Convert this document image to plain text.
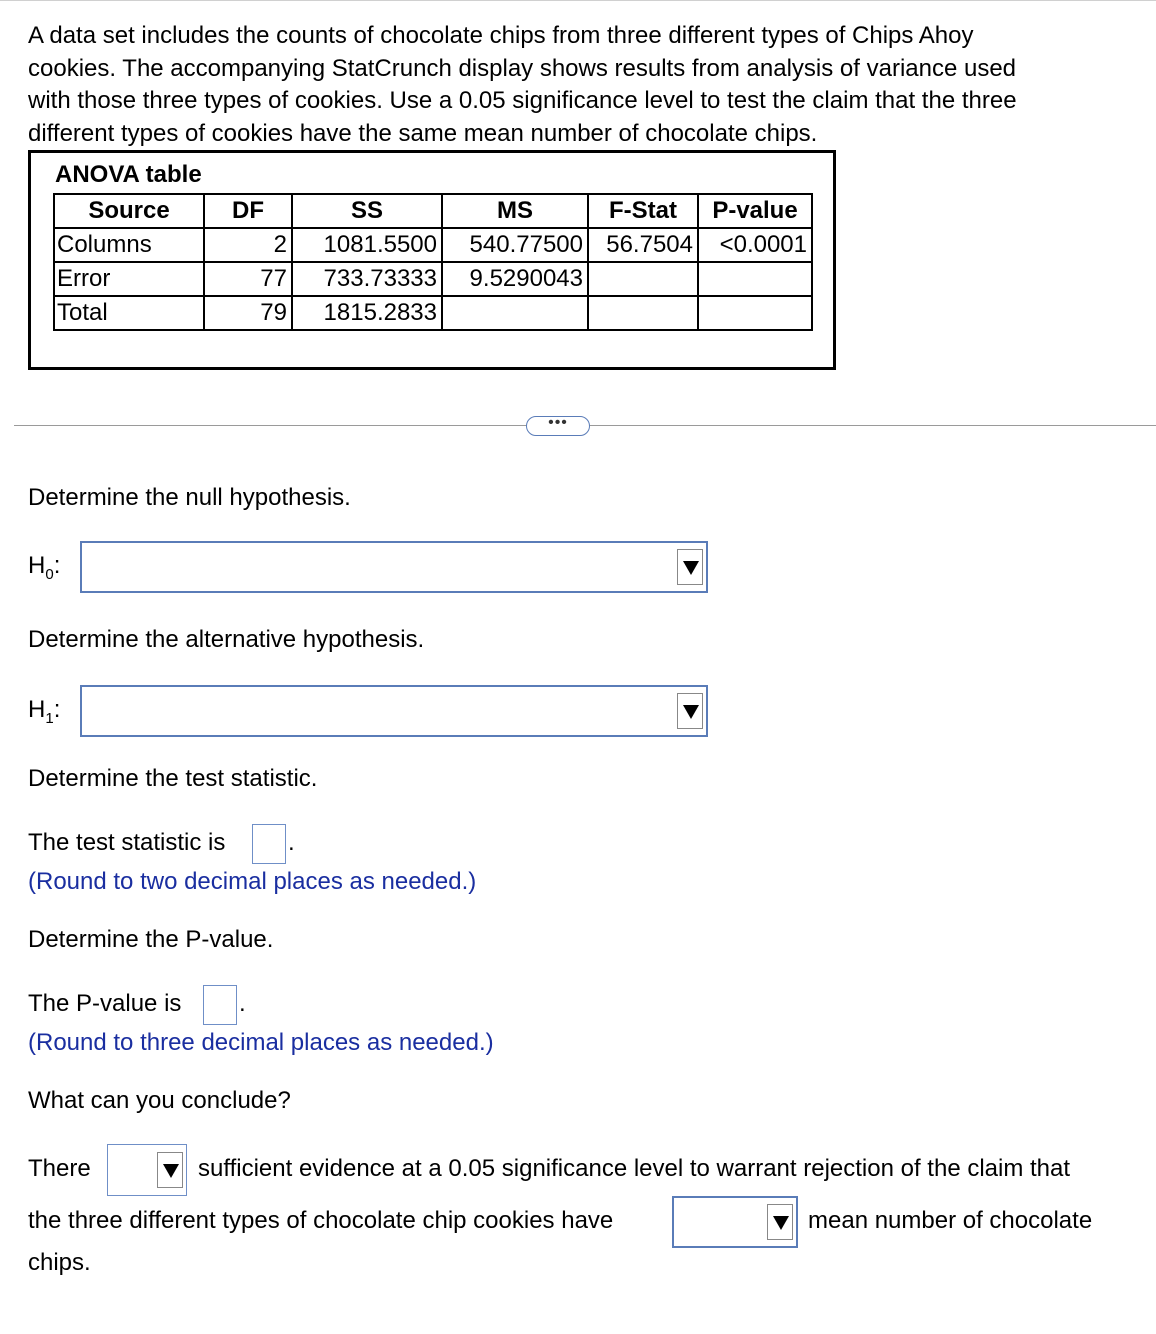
A data set includes the counts of chocolate chips from three different types of Chips Ahoy
cookies. The accompanying StatCrunch display shows results from analysis of variance used
with those three types of cookies. Use a 0.05 significance level to test the claim that the three
different types of cookies have the same mean number of chocolate chips.
ANOVA table
Source	DF	SS	MS	F-Stat	P-value
Columns	2	1081.5500	540.77500	56.7504	<0.0001
Error	77	733.73333	9.5290043		
Total	79	1815.2833			
•••
Determine the null hypothesis.
$H_0$:
Determine the alternative hypothesis.
$H_1$:
Determine the test statistic.
The test statistic is	.
(Round to two decimal places as needed.)
Determine the P-value.
The P-value is .
(Round to three decimal places as needed.)
What can you conclude?
There	sufficient evidence at a 0.05 significance level to warrant rejection of the claim that
the three different types of chocolate chip cookies have	mean number of chocolate
chips.
